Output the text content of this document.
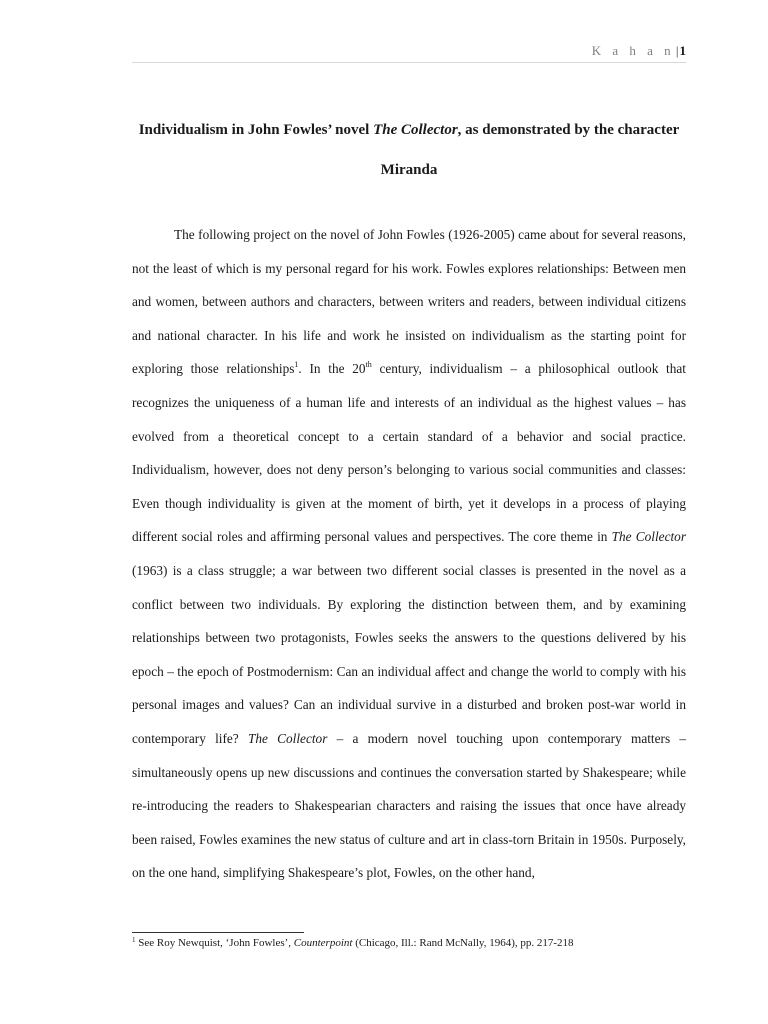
K a h a n |1
Individualism in John Fowles’ novel The Collector, as demonstrated by the character Miranda

The following project on the novel of John Fowles (1926-2005) came about for several reasons, not the least of which is my personal regard for his work. Fowles explores relationships: Between men and women, between authors and characters, between writers and readers, between individual citizens and national character. In his life and work he insisted on individualism as the starting point for exploring those relationships$^1$. In the 20th century, individualism – a philosophical outlook that recognizes the uniqueness of a human life and interests of an individual as the highest values – has evolved from a theoretical concept to a certain standard of a behavior and social practice. Individualism, however, does not deny person’s belonging to various social communities and classes: Even though individuality is given at the moment of birth, yet it develops in a process of playing different social roles and affirming personal values and perspectives. The core theme in The Collector (1963) is a class struggle; a war between two different social classes is presented in the novel as a conflict between two individuals. By exploring the distinction between them, and by examining relationships between two protagonists, Fowles seeks the answers to the questions delivered by his epoch – the epoch of Postmodernism: Can an individual affect and change the world to comply with his personal images and values? Can an individual survive in a disturbed and broken post-war world in contemporary life? The Collector – a modern novel touching upon contemporary matters – simultaneously opens up new discussions and continues the conversation started by Shakespeare; while re-introducing the readers to Shakespearian characters and raising the issues that once have already been raised, Fowles examines the new status of culture and art in class-torn Britain in 1950s. Purposely, on the one hand, simplifying Shakespeare’s plot, Fowles, on the other hand,

$^1$ See Roy Newquist, ‘John Fowles’, Counterpoint (Chicago, Ill.: Rand McNally, 1964), pp. 217-218
